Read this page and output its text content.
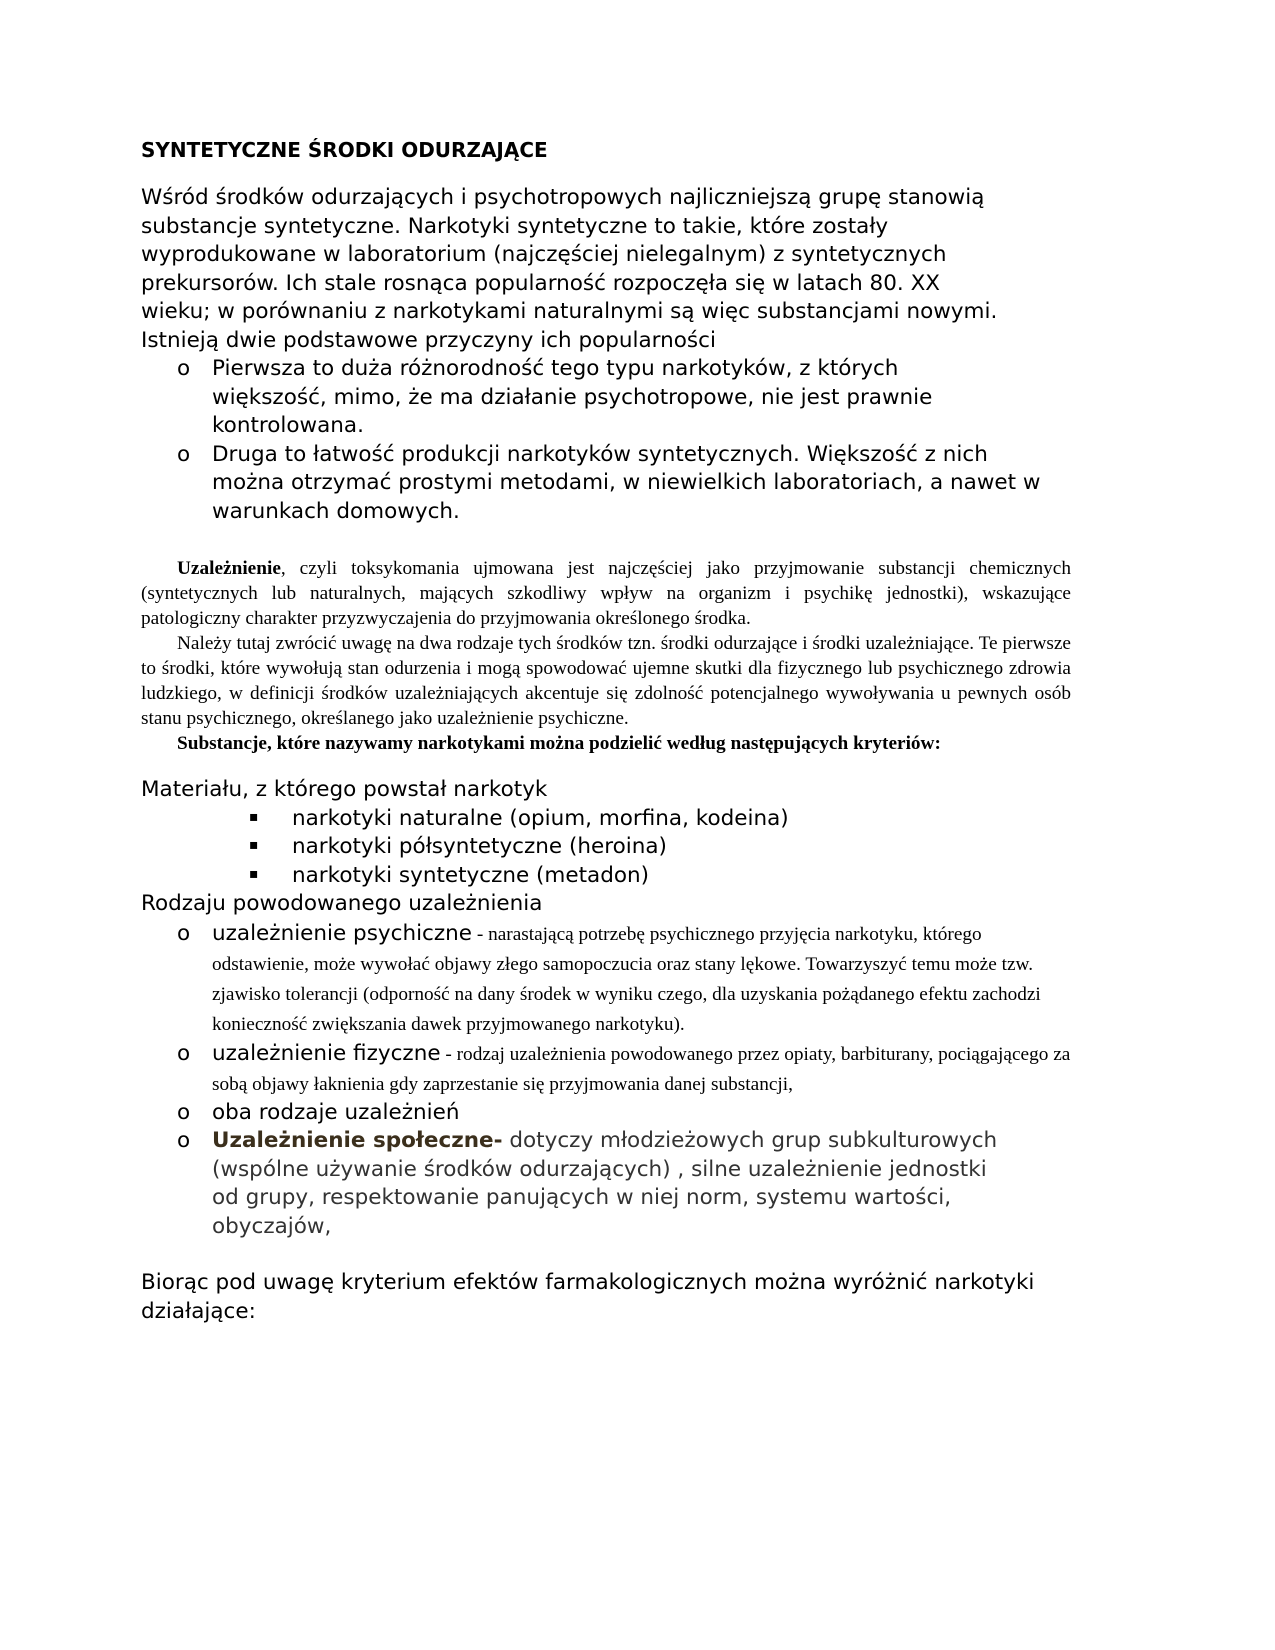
SYNTETYCZNE ŚRODKI ODURZAJĄCE
Wśród środków odurzających i psychotropowych najliczniejszą grupę stanowią substancje syntetyczne. Narkotyki syntetyczne to takie, które zostały wyprodukowane w laboratorium (najczęściej nielegalnym) z syntetycznych prekursorów. Ich stale rosnąca popularność rozpoczęła się w latach 80. XX wieku; w porównaniu z narkotykami naturalnymi są więc substancjami nowymi. Istnieją dwie podstawowe przyczyny ich popularności
o Pierwsza to duża różnorodność tego typu narkotyków, z których większość, mimo, że ma działanie psychotropowe, nie jest prawnie kontrolowana.
o Druga to łatwość produkcji narkotyków syntetycznych. Większość z nich można otrzymać prostymi metodami, w niewielkich laboratoriach, a nawet w warunkach domowych.

Uzależnienie, czyli toksykomania ujmowana jest najczęściej jako przyjmowanie substancji chemicznych (syntetycznych lub naturalnych, mających szkodliwy wpływ na organizm i psychikę jednostki), wskazujące patologiczny charakter przyzwyczajenia do przyjmowania określonego środka.

Należy tutaj zwrócić uwagę na dwa rodzaje tych środków tzn. środki odurzające i środki uzależniające. Te pierwsze to środki, które wywołują stan odurzenia i mogą spowodować ujemne skutki dla fizycznego lub psychicznego zdrowia ludzkiego, w definicji środków uzależniających akcentuje się zdolność potencjalnego wywoływania u pewnych osób stanu psychicznego, określanego jako uzależnienie psychiczne.

Substancje, które nazywamy narkotykami można podzielić według następujących kryteriów:

Materiału, z którego powstał narkotyk
▪ narkotyki naturalne (opium, morfina, kodeina)
▪ narkotyki półsyntetyczne (heroina)
▪ narkotyki syntetyczne (metadon)
Rodzaju powodowanego uzależnienia
o uzależnienie psychiczne - narastającą potrzebę psychicznego przyjęcia narkotyku, którego odstawienie, może wywołać objawy złego samopoczucia oraz stany lękowe. Towarzyszyć temu może tzw. zjawisko tolerancji (odporność na dany środek w wyniku czego, dla uzyskania pożądanego efektu zachodzi konieczność zwiększania dawek przyjmowanego narkotyku).
o uzależnienie fizyczne - rodzaj uzależnienia powodowanego przez opiaty, barbiturany, pociągającego za sobą objawy łaknienia gdy zaprzestanie się przyjmowania danej substancji,
o oba rodzaje uzależnień
o Uzależnienie społeczne- dotyczy młodzieżowych grup subkulturowych (wspólne używanie środków odurzających) , silne uzależnienie jednostki od grupy, respektowanie panujących w niej norm, systemu wartości, obyczajów,
Biorąc pod uwagę kryterium efektów farmakologicznych można wyróżnić narkotyki działające:
